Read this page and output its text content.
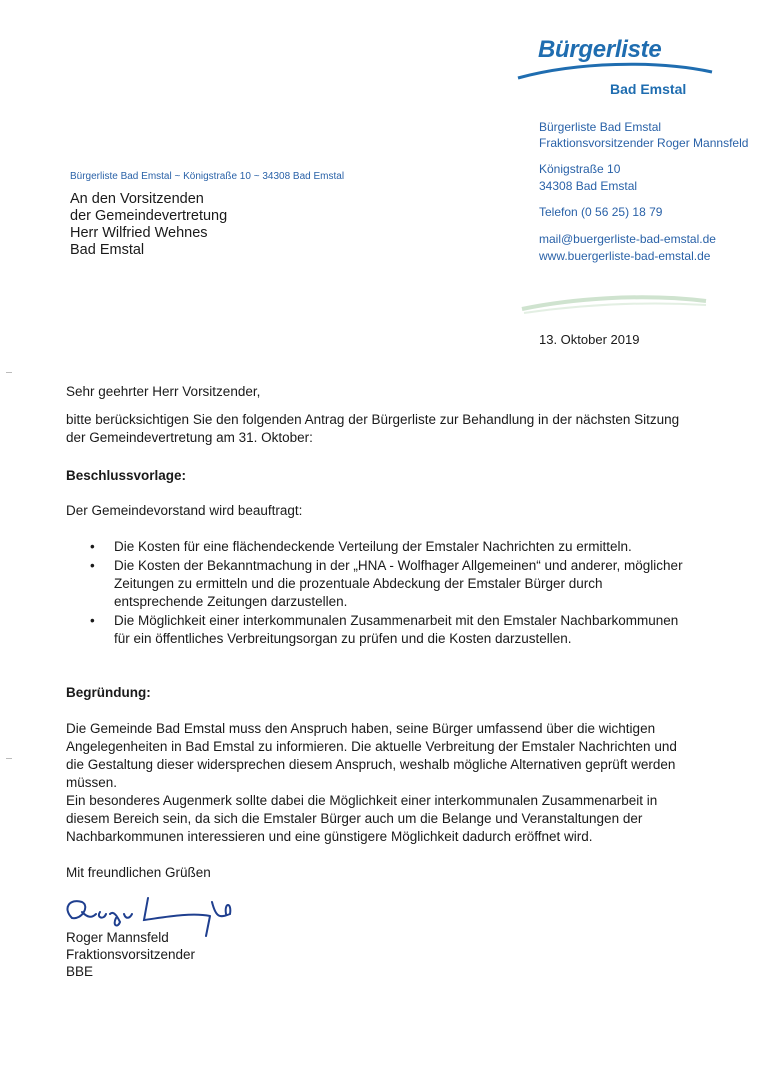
Bürgerliste
Bad Emstal
Bürgerliste Bad Emstal
Fraktionsvorsitzender Roger Mannsfeld
Königstraße 10
34308 Bad Emstal
Telefon (0 56 25) 18 79
mail@buergerliste-bad-emstal.de
www.buergerliste-bad-emstal.de
Bürgerliste Bad Emstal ~ Königstraße 10 ~ 34308 Bad Emstal
An den Vorsitzenden
der Gemeindevertretung
Herr Wilfried Wehnes
Bad Emstal
13. Oktober 2019
Sehr geehrter Herr Vorsitzender,
bitte berücksichtigen Sie den folgenden Antrag der Bürgerliste zur Behandlung in der nächsten Sitzung der Gemeindevertretung am 31. Oktober:
Beschlussvorlage:
Der Gemeindevorstand wird beauftragt:
• Die Kosten für eine flächendeckende Verteilung der Emstaler Nachrichten zu ermitteln.
• Die Kosten der Bekanntmachung in der „HNA - Wolfhager Allgemeinen“ und anderer, möglicher Zeitungen zu ermitteln und die prozentuale Abdeckung der Emstaler Bürger durch entsprechende Zeitungen darzustellen.
• Die Möglichkeit einer interkommunalen Zusammenarbeit mit den Emstaler Nachbarkommunen für ein öffentliches Verbreitungsorgan zu prüfen und die Kosten darzustellen.
Begründung:
Die Gemeinde Bad Emstal muss den Anspruch haben, seine Bürger umfassend über die wichtigen Angelegenheiten in Bad Emstal zu informieren. Die aktuelle Verbreitung der Emstaler Nachrichten und die Gestaltung dieser widersprechen diesem Anspruch, weshalb mögliche Alternativen geprüft werden müssen.
Ein besonderes Augenmerk sollte dabei die Möglichkeit einer interkommunalen Zusammenarbeit in diesem Bereich sein, da sich die Emstaler Bürger auch um die Belange und Veranstaltungen der Nachbarkommunen interessieren und eine günstigere Möglichkeit dadurch eröffnet wird.
Mit freundlichen Grüßen
Roger Mannsfeld
Fraktionsvorsitzender
BBE
